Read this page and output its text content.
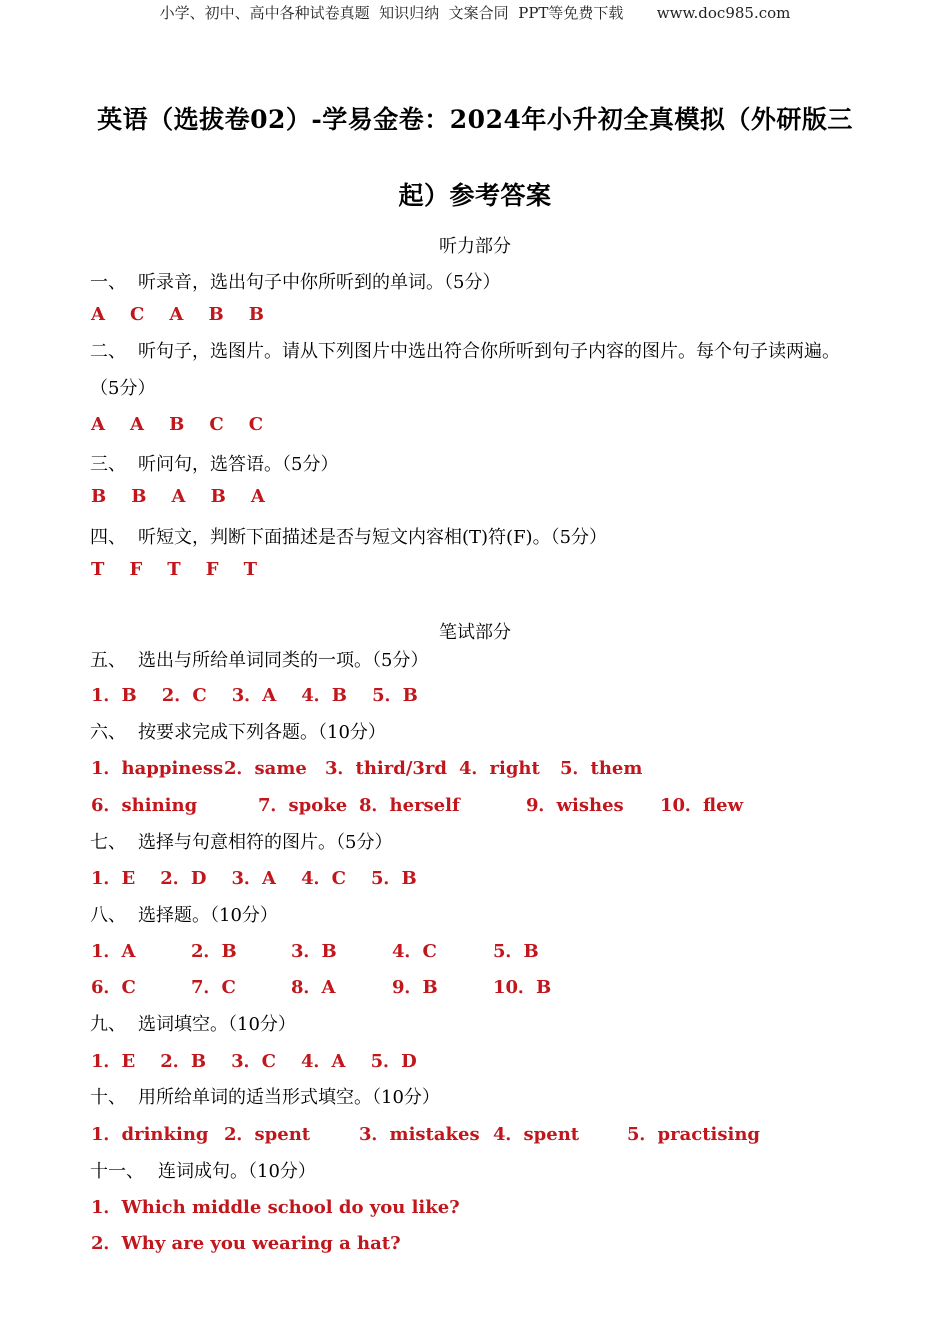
小学、初中、高中各种试卷真题  知识归纳  文案合同  PPT等免费下载       www.doc985.com
英语（选拔卷02）-学易金卷：2024年小升初全真模拟（外研版三
起）参考答案
听力部分
一、 听录音，选出句子中你所听到的单词。（5分）
A    C    A    B    B
二、 听句子，选图片。请从下列图片中选出符合你所听到句子内容的图片。每个句子读两遍。（5分）
A    A    B    C    C
三、 听问句，选答语。（5分）
B    B    A    B    A
四、 听短文，判断下面描述是否与短文内容相(T)符(F)。（5分）
T    F    T    F    T
笔试部分
五、 选出与所给单词同类的一项。（5分）
1．B    2．C    3．A    4．B    5．B
六、 按要求完成下列各题。（10分）

1．happiness

2．same

3．third/3rd

4．right

5．them

6．shining

	7．spoke

8．herself

	9．wishes

10．flew

七、 选择与句意相符的图片。（5分）
1．E    2．D    3．A    4．C    5．B
八、 选择题。（10分）

1．A

	2．B

	3．B

	4．C

	5．B

6．C

	7．C

	8．A

	9．B

	10．B

九、 选词填空。（10分）
1．E    2．B    3．C    4．A    5．D
十、 用所给单词的适当形式填空。（10分）

1．drinking

2．spent

	3．mistakes

4．spent

	5．practising

十一、 连词成句。（10分）
1．Which middle school do you like?
2．Why are you wearing a hat?
